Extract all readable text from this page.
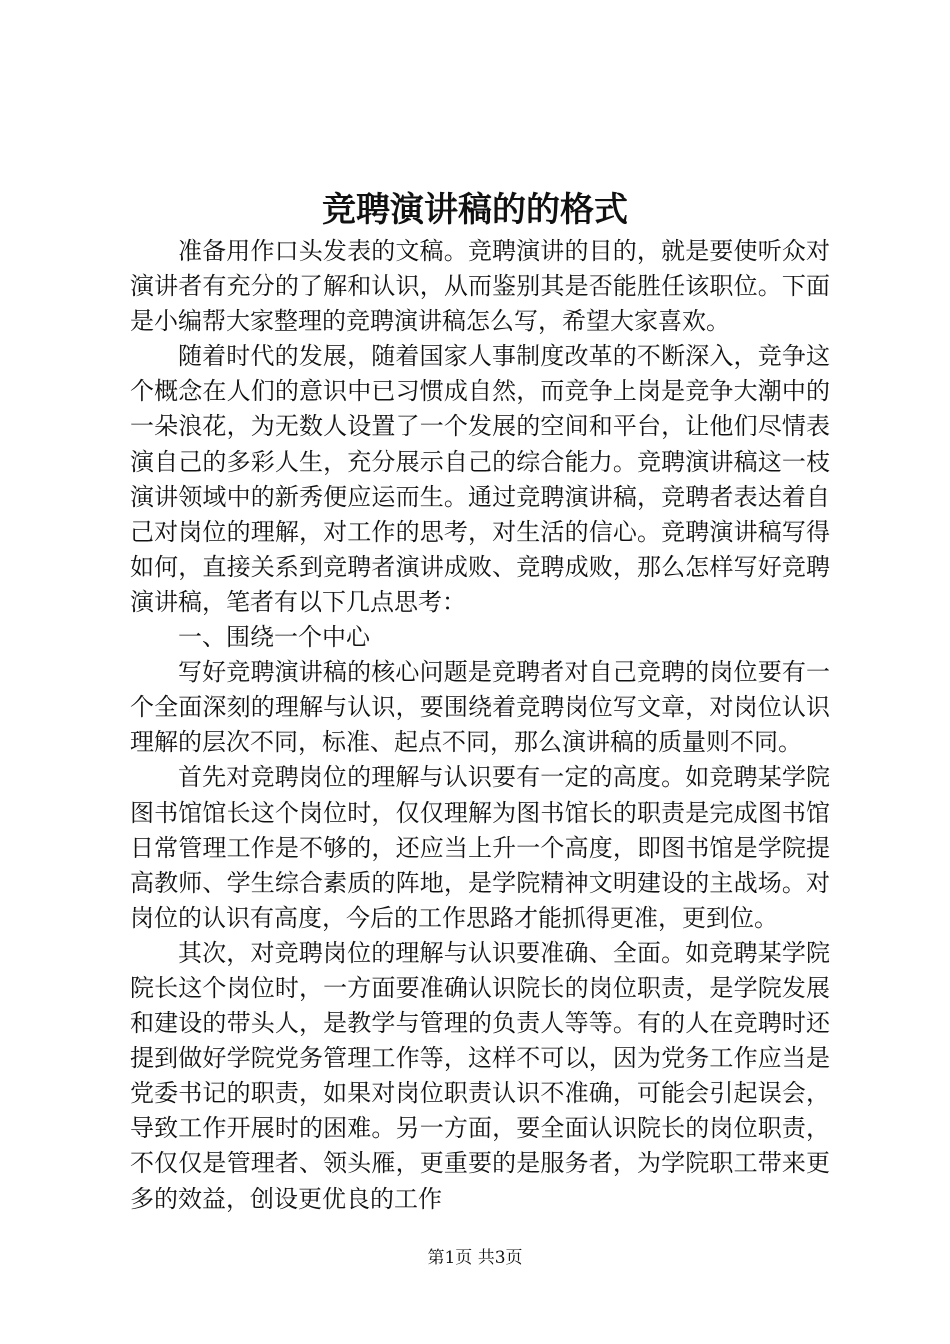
竞聘演讲稿的的格式

准备用作口头发表的文稿。竞聘演讲的目的，就是要使听众对演讲者有充分的了解和认识，从而鉴别其是否能胜任该职位。下面是小编帮大家整理的竞聘演讲稿怎么写，希望大家喜欢。

随着时代的发展，随着国家人事制度改革的不断深入，竞争这个概念在人们的意识中已习惯成自然，而竞争上岗是竞争大潮中的一朵浪花，为无数人设置了一个发展的空间和平台，让他们尽情表演自己的多彩人生，充分展示自己的综合能力。竞聘演讲稿这一枝演讲领域中的新秀便应运而生。通过竞聘演讲稿，竞聘者表达着自己对岗位的理解，对工作的思考，对生活的信心。竞聘演讲稿写得如何，直接关系到竞聘者演讲成败、竞聘成败，那么怎样写好竞聘演讲稿，笔者有以下几点思考：

一、围绕一个中心

写好竞聘演讲稿的核心问题是竞聘者对自己竞聘的岗位要有一个全面深刻的理解与认识，要围绕着竞聘岗位写文章，对岗位认识理解的层次不同，标准、起点不同，那么演讲稿的质量则不同。

首先对竞聘岗位的理解与认识要有一定的高度。如竞聘某学院图书馆馆长这个岗位时，仅仅理解为图书馆长的职责是完成图书馆日常管理工作是不够的，还应当上升一个高度，即图书馆是学院提高教师、学生综合素质的阵地，是学院精神文明建设的主战场。对岗位的认识有高度，今后的工作思路才能抓得更准，更到位。

其次，对竞聘岗位的理解与认识要准确、全面。如竞聘某学院院长这个岗位时，一方面要准确认识院长的岗位职责，是学院发展和建设的带头人，是教学与管理的负责人等等。有的人在竞聘时还提到做好学院党务管理工作等，这样不可以，因为党务工作应当是党委书记的职责，如果对岗位职责认识不准确，可能会引起误会，导致工作开展时的困难。另一方面，要全面认识院长的岗位职责，不仅仅是管理者、领头雁，更重要的是服务者，为学院职工带来更多的效益，创设更优良的工作

第1页 共3页
